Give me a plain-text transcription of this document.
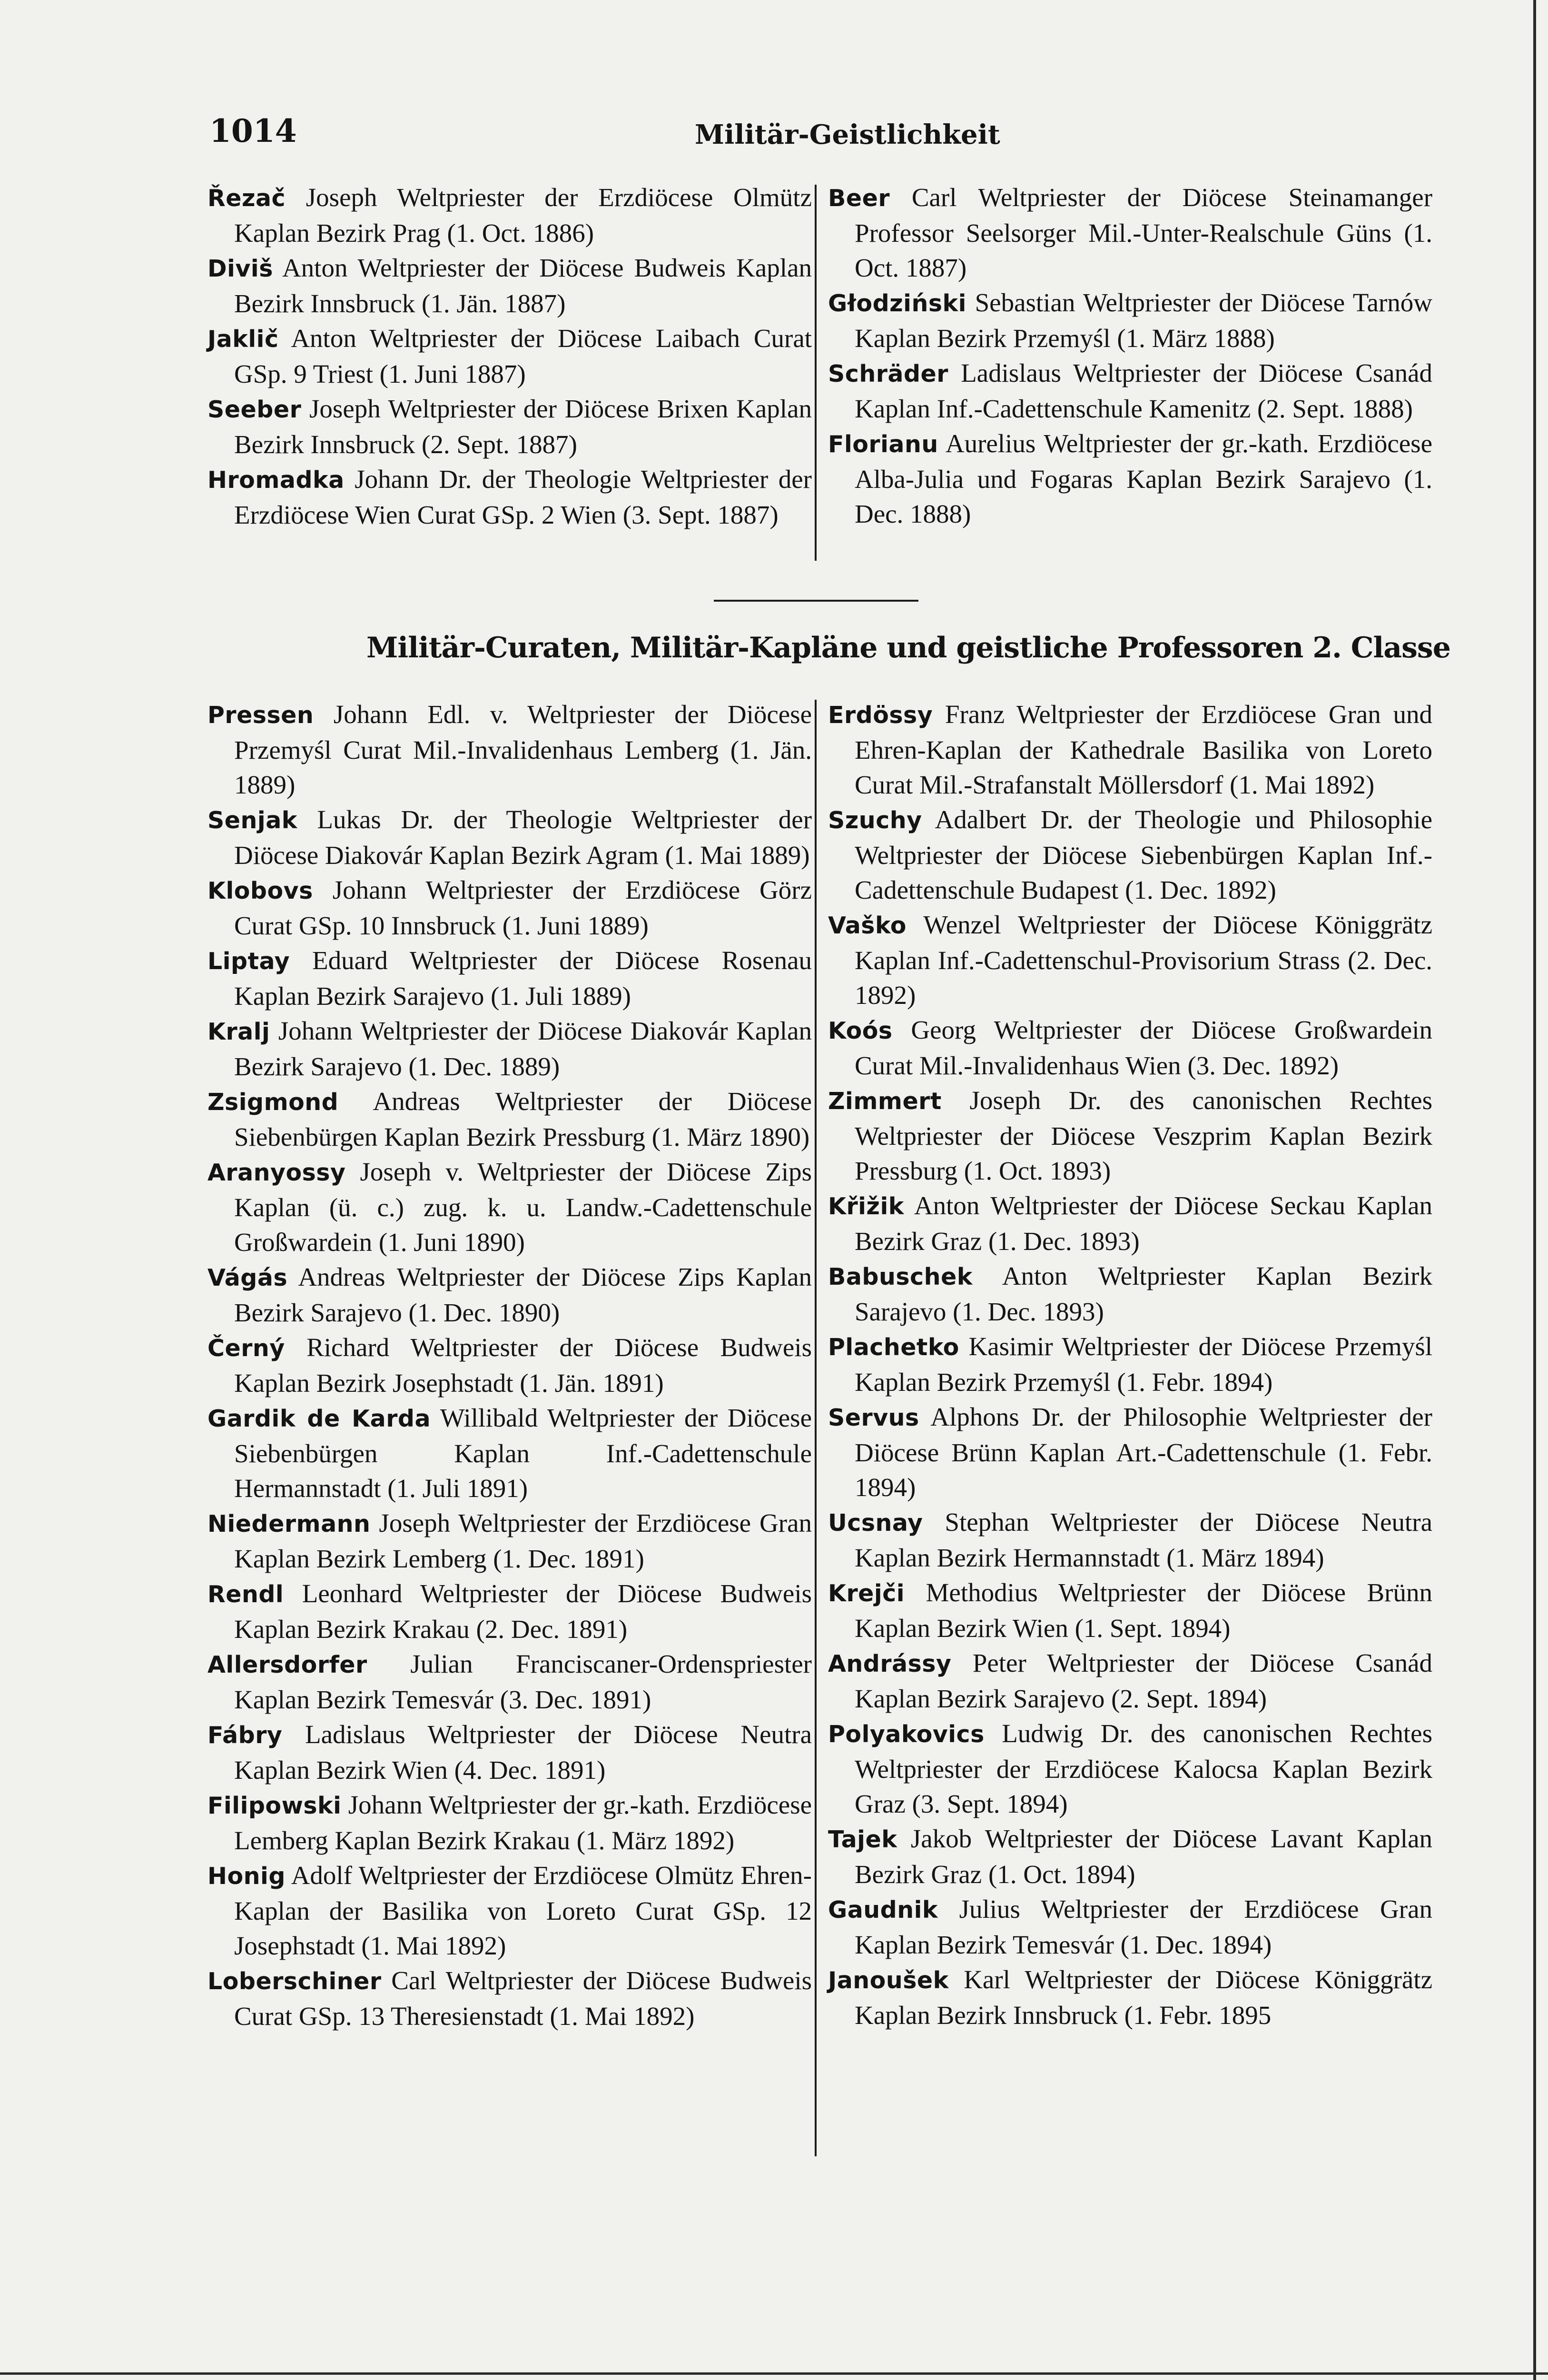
1014	Militär-Geistlichkeit

Řezač Joseph Weltpriester der Erzdiöcese Olmütz Kaplan Bezirk Prag (1. Oct. 1886)

Diviš Anton Weltpriester der Diöcese Budweis Kaplan Bezirk Innsbruck (1. Jän. 1887)

Jaklič Anton Weltpriester der Diöcese Laibach Curat GSp. 9 Triest (1. Juni 1887)

Seeber Joseph Weltpriester der Diöcese Brixen Kaplan Bezirk Innsbruck (2. Sept. 1887)

Hromadka Johann Dr. der Theologie Weltpriester der Erzdiöcese Wien Curat GSp. 2 Wien (3. Sept. 1887)

Beer Carl Weltpriester der Diöcese Steinamanger Professor Seelsorger Mil.-Unter-Realschule Güns (1. Oct. 1887)

Głodziński Sebastian Weltpriester der Diöcese Tarnów Kaplan Bezirk Przemyśl (1. März 1888)

Schräder Ladislaus Weltpriester der Diöcese Csanád Kaplan Inf.-Cadettenschule Kamenitz (2. Sept. 1888)

Florianu Aurelius Weltpriester der gr.-kath. Erzdiöcese Alba-Julia und Fogaras Kaplan Bezirk Sarajevo (1. Dec. 1888)

Militär-Curaten, Militär-Kapläne und geistliche Professoren 2. Classe

Pressen Johann Edl. v. Weltpriester der Diöcese Przemyśl Curat Mil.-Invalidenhaus Lemberg (1. Jän. 1889)

Senjak Lukas Dr. der Theologie Weltpriester der Diöcese Diakovár Kaplan Bezirk Agram (1. Mai 1889)

Klobovs Johann Weltpriester der Erzdiöcese Görz Curat GSp. 10 Innsbruck (1. Juni 1889)

Liptay Eduard Weltpriester der Diöcese Rosenau Kaplan Bezirk Sarajevo (1. Juli 1889)

Kralj Johann Weltpriester der Diöcese Diakovár Kaplan Bezirk Sarajevo (1. Dec. 1889)

Zsigmond Andreas Weltpriester der Diöcese Siebenbürgen Kaplan Bezirk Pressburg (1. März 1890)

Aranyossy Joseph v. Weltpriester der Diöcese Zips Kaplan (ü. c.) zug. k. u. Landw.-Cadettenschule Großwardein (1. Juni 1890)

Vágás Andreas Weltpriester der Diöcese Zips Kaplan Bezirk Sarajevo (1. Dec. 1890)

Černý Richard Weltpriester der Diöcese Budweis Kaplan Bezirk Josephstadt (1. Jän. 1891)

Gardik de Karda Willibald Weltpriester der Diöcese Siebenbürgen Kaplan Inf.-Cadettenschule Hermannstadt (1. Juli 1891)

Niedermann Joseph Weltpriester der Erzdiöcese Gran Kaplan Bezirk Lemberg (1. Dec. 1891)

Rendl Leonhard Weltpriester der Diöcese Budweis Kaplan Bezirk Krakau (2. Dec. 1891)

Allersdorfer Julian Franciscaner-Ordenspriester Kaplan Bezirk Temesvár (3. Dec. 1891)

Fábry Ladislaus Weltpriester der Diöcese Neutra Kaplan Bezirk Wien (4. Dec. 1891)

Filipowski Johann Weltpriester der gr.-kath. Erzdiöcese Lemberg Kaplan Bezirk Krakau (1. März 1892)

Honig Adolf Weltpriester der Erzdiöcese Olmütz Ehren-Kaplan der Basilika von Loreto Curat GSp. 12 Josephstadt (1. Mai 1892)

Loberschiner Carl Weltpriester der Diöcese Budweis Curat GSp. 13 Theresienstadt (1. Mai 1892)

Erdössy Franz Weltpriester der Erzdiöcese Gran und Ehren-Kaplan der Kathedrale Basilika von Loreto Curat Mil.-Strafanstalt Möllersdorf (1. Mai 1892)

Szuchy Adalbert Dr. der Theologie und Philosophie Weltpriester der Diöcese Siebenbürgen Kaplan Inf.-Cadettenschule Budapest (1. Dec. 1892)

Vaško Wenzel Weltpriester der Diöcese Königgrätz Kaplan Inf.-Cadettenschul-Provisorium Strass (2. Dec. 1892)

Koós Georg Weltpriester der Diöcese Großwardein Curat Mil.-Invalidenhaus Wien (3. Dec. 1892)

Zimmert Joseph Dr. des canonischen Rechtes Weltpriester der Diöcese Veszprim Kaplan Bezirk Pressburg (1. Oct. 1893)

Křižik Anton Weltpriester der Diöcese Seckau Kaplan Bezirk Graz (1. Dec. 1893)

Babuschek Anton Weltpriester Kaplan Bezirk Sarajevo (1. Dec. 1893)

Plachetko Kasimir Weltpriester der Diöcese Przemyśl Kaplan Bezirk Przemyśl (1. Febr. 1894)

Servus Alphons Dr. der Philosophie Weltpriester der Diöcese Brünn Kaplan Art.-Cadettenschule (1. Febr. 1894)

Ucsnay Stephan Weltpriester der Diöcese Neutra Kaplan Bezirk Hermannstadt (1. März 1894)

Krejči Methodius Weltpriester der Diöcese Brünn Kaplan Bezirk Wien (1. Sept. 1894)

Andrássy Peter Weltpriester der Diöcese Csanád Kaplan Bezirk Sarajevo (2. Sept. 1894)

Polyakovics Ludwig Dr. des canonischen Rechtes Weltpriester der Erzdiöcese Kalocsa Kaplan Bezirk Graz (3. Sept. 1894)

Tajek Jakob Weltpriester der Diöcese Lavant Kaplan Bezirk Graz (1. Oct. 1894)

Gaudnik Julius Weltpriester der Erzdiöcese Gran Kaplan Bezirk Temesvár (1. Dec. 1894)

Janoušek Karl Weltpriester der Diöcese Königgrätz Kaplan Bezirk Innsbruck (1. Febr. 1895
